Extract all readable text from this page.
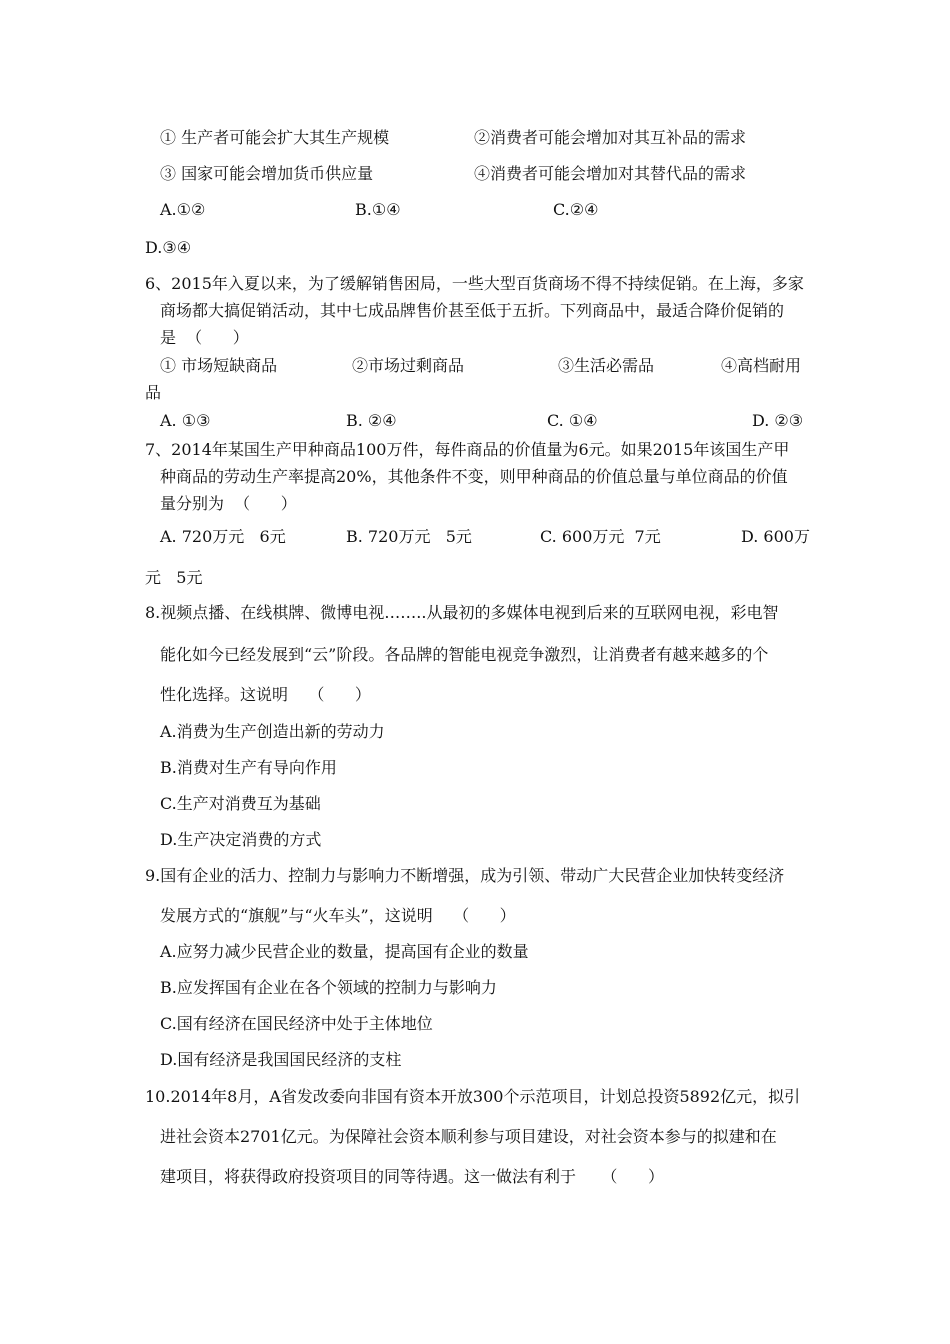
① 生产者可能会扩大其生产规模	②消费者可能会增加对其互补品的需求
③ 国家可能会增加货币供应量	④消费者可能会增加对其替代品的需求
A.①②	B.①④	C.②④
D.③④
6、2015年入夏以来，为了缓解销售困局，一些大型百货商场不得不持续促销。在上海，多家
商场都大搞促销活动，其中七成品牌售价甚至低于五折。下列商品中，最适合降价促销的
是  （      ）
① 市场短缺商品	②市场过剩商品	③生活必需品	④高档耐用
品
A. ①③	B. ②④	C. ①④	D. ②③
7、2014年某国生产甲种商品100万件，每件商品的价值量为6元。如果2015年该国生产甲
种商品的劳动生产率提高20%，其他条件不变，则甲种商品的价值总量与单位商品的价值
量分别为  （      ）
A. 720万元   6元	B. 720万元   5元	C. 600万元  7元	D. 600万
元   5元
8.视频点播、在线棋牌、微博电视……..从最初的多媒体电视到后来的互联网电视，彩电智
能化如今已经发展到“云”阶段。各品牌的智能电视竞争激烈，让消费者有越来越多的个
性化选择。这说明    （      ）
A.消费为生产创造出新的劳动力
B.消费对生产有导向作用
C.生产对消费互为基础
D.生产决定消费的方式
9.国有企业的活力、控制力与影响力不断增强，成为引领、带动广大民营企业加快转变经济
发展方式的“旗舰”与“火车头”，这说明    （      ）
A.应努力减少民营企业的数量，提高国有企业的数量
B.应发挥国有企业在各个领域的控制力与影响力
C.国有经济在国民经济中处于主体地位
D.国有经济是我国国民经济的支柱
10.2014年8月，A省发改委向非国有资本开放300个示范项目，计划总投资5892亿元，拟引
进社会资本2701亿元。为保障社会资本顺利参与项目建设，对社会资本参与的拟建和在
建项目，将获得政府投资项目的同等待遇。这一做法有利于     （      ）
